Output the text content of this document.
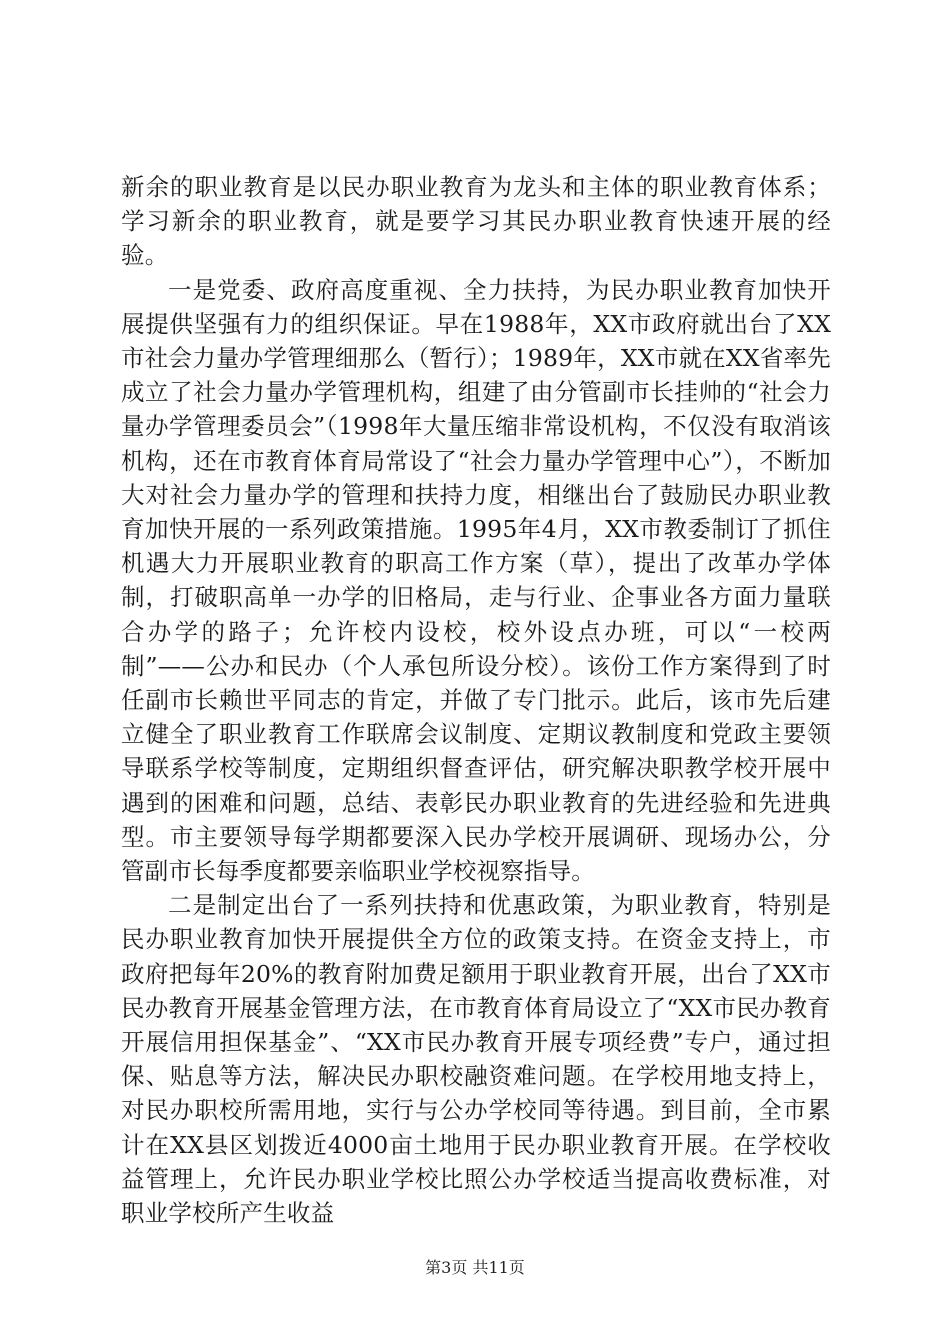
新余的职业教育是以民办职业教育为龙头和主体的职业教育体系；学习新余的职业教育，就是要学习其民办职业教育快速开展的经验。

一是党委、政府高度重视、全力扶持，为民办职业教育加快开展提供坚强有力的组织保证。早在1988年，XX市政府就出台了XX市社会力量办学管理细那么（暂行）；1989年，XX市就在XX省率先成立了社会力量办学管理机构，组建了由分管副市长挂帅的“社会力量办学管理委员会”（1998年大量压缩非常设机构，不仅没有取消该机构，还在市教育体育局常设了“社会力量办学管理中心”），不断加大对社会力量办学的管理和扶持力度，相继出台了鼓励民办职业教育加快开展的一系列政策措施。1995年4月，XX市教委制订了抓住机遇大力开展职业教育的职高工作方案（草），提出了改革办学体制，打破职高单一办学的旧格局，走与行业、企事业各方面力量联合办学的路子；允许校内设校，校外设点办班，可以“一校两制”——公办和民办（个人承包所设分校）。该份工作方案得到了时任副市长赖世平同志的肯定，并做了专门批示。此后，该市先后建立健全了职业教育工作联席会议制度、定期议教制度和党政主要领导联系学校等制度，定期组织督查评估，研究解决职教学校开展中遇到的困难和问题，总结、表彰民办职业教育的先进经验和先进典型。市主要领导每学期都要深入民办学校开展调研、现场办公，分管副市长每季度都要亲临职业学校视察指导。

二是制定出台了一系列扶持和优惠政策，为职业教育，特别是民办职业教育加快开展提供全方位的政策支持。在资金支持上，市政府把每年20%的教育附加费足额用于职业教育开展，出台了XX市民办教育开展基金管理方法，在市教育体育局设立了“XX市民办教育开展信用担保基金”、“XX市民办教育开展专项经费”专户，通过担保、贴息等方法，解决民办职校融资难问题。在学校用地支持上，对民办职校所需用地，实行与公办学校同等待遇。到目前，全市累计在XX县区划拨近4000亩土地用于民办职业教育开展。在学校收益管理上，允许民办职业学校比照公办学校适当提高收费标准，对职业学校所产生收益

第3页 共11页
